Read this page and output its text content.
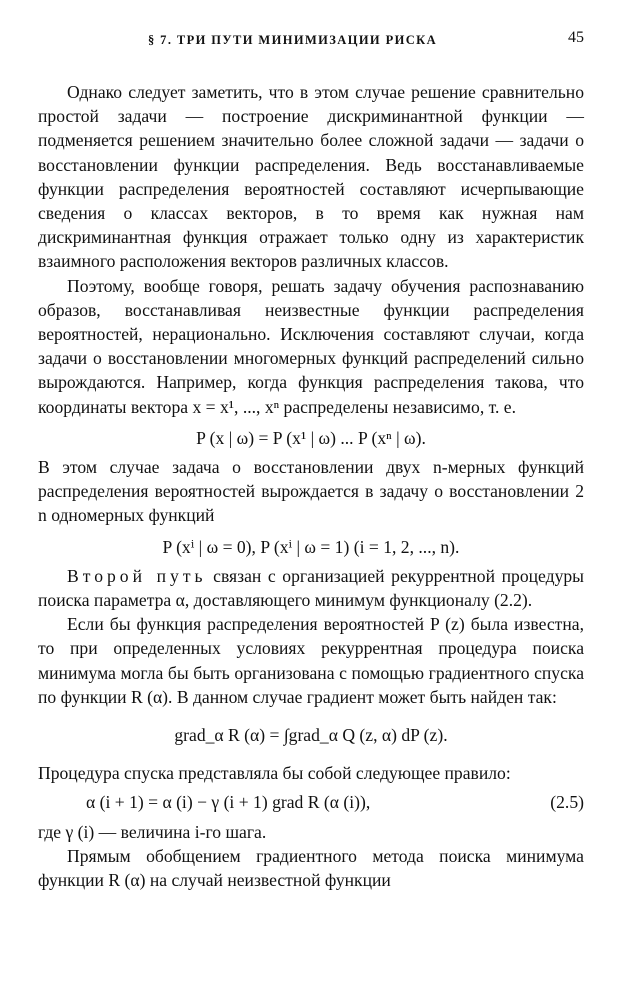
§ 7. ТРИ ПУТИ МИНИМИЗАЦИИ РИСКА	45

Однако следует заметить, что в этом случае решение сравнительно простой задачи — построение дискриминантной функции — подменяется решением значительно более сложной задачи — задачи о восстановлении функции распределения. Ведь восстанавливаемые функции распределения вероятностей составляют исчерпывающие сведения о классах векторов, в то время как нужная нам дискриминантная функция отражает только одну из характеристик взаимного расположения векторов различных классов.

Поэтому, вообще говоря, решать задачу обучения распознаванию образов, восстанавливая неизвестные функции распределения вероятностей, нерационально. Исключения составляют случаи, когда задачи о восстановлении многомерных функций распределений сильно вырождаются. Например, когда функция распределения такова, что координаты вектора x = x¹, ..., xⁿ распределены независимо, т. е.

P (x | ω) = P (x¹ | ω) ... P (xⁿ | ω).

В этом случае задача о восстановлении двух n-мерных функций распределения вероятностей вырождается в задачу о восстановлении 2 n одномерных функций

P (xⁱ | ω = 0), P (xⁱ | ω = 1) (i = 1, 2, ..., n).

Второй путь связан с организацией рекуррентной процедуры поиска параметра α, доставляющего минимум функционалу (2.2).

Если бы функция распределения вероятностей P (z) была известна, то при определенных условиях рекуррентная процедура поиска минимума могла бы быть организована с помощью градиентного спуска по функции R (α). В данном случае градиент может быть найден так:

grad_α R (α) = ∫grad_α Q (z, α) dP (z).

Процедура спуска представляла бы собой следующее правило:

α (i + 1) = α (i) − γ (i + 1) grad R (α (i)),	(2.5)

где γ (i) — величина i-го шага.

Прямым обобщением градиентного метода поиска минимума функции R (α) на случай неизвестной функции
